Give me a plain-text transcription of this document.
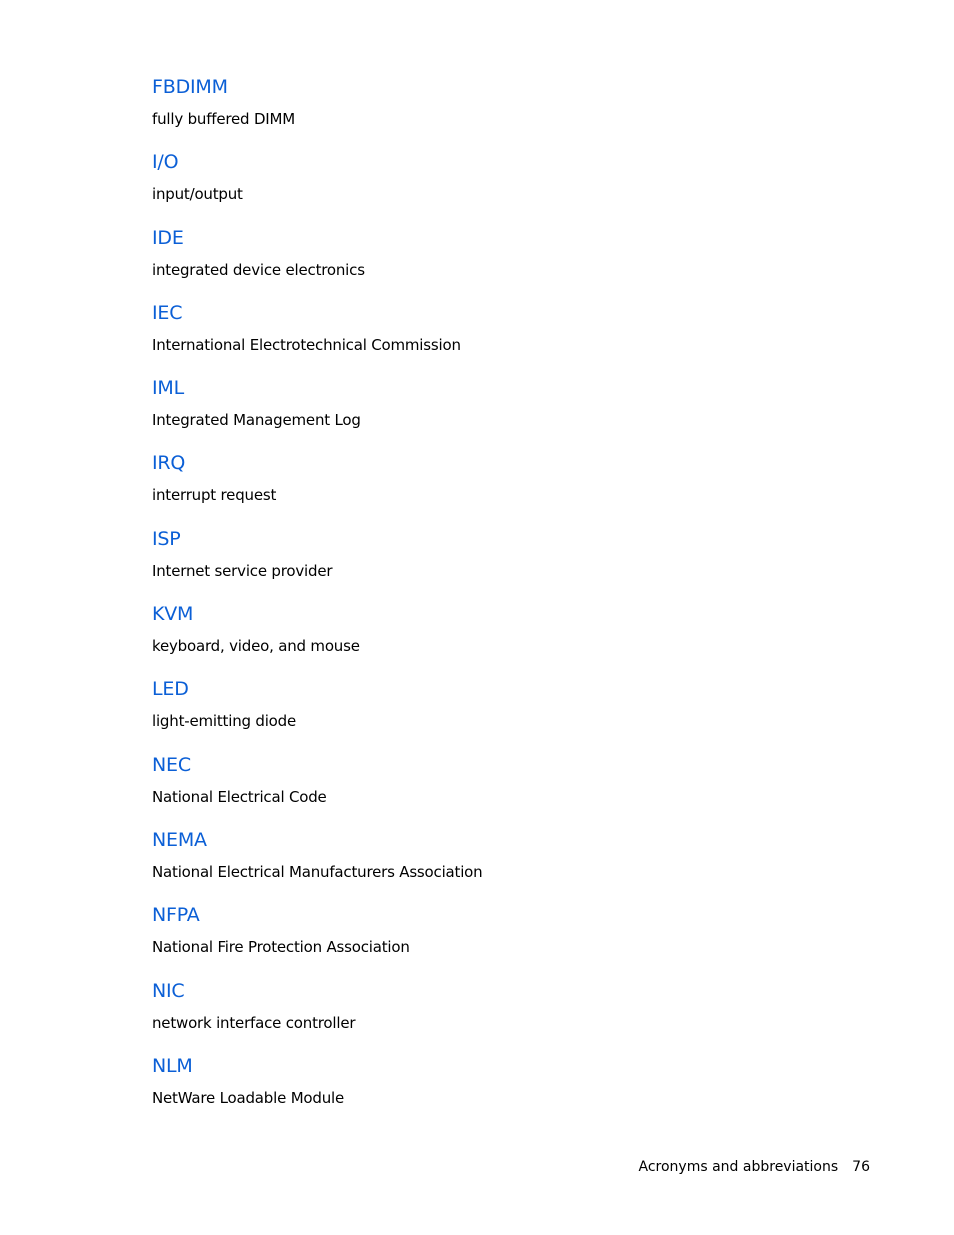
FBDIMM
fully buffered DIMM
I/O
input/output
IDE
integrated device electronics
IEC
International Electrotechnical Commission
IML
Integrated Management Log
IRQ
interrupt request
ISP
Internet service provider
KVM
keyboard, video, and mouse
LED
light-emitting diode
NEC
National Electrical Code
NEMA
National Electrical Manufacturers Association
NFPA
National Fire Protection Association
NIC
network interface controller
NLM
NetWare Loadable Module
Acronyms and abbreviations 76
